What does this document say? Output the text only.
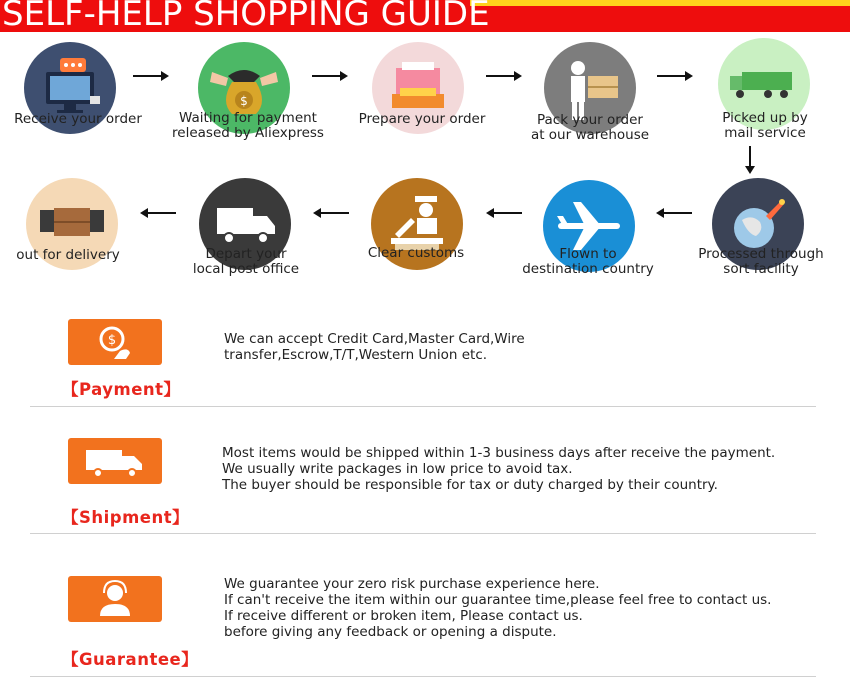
SELF-HELP SHOPPING GUIDE
Receive your order
$
Waiting for payment
released by Aliexpress
Prepare your order	Pack your order
at our warehouse
Picked up by
mail service
Processed through
sort facility
Flown to
destination country
Clear customs
Depart your
local post office
out for delivery
$
【Payment】
We can accept Credit Card,Master Card,Wire
transfer,Escrow,T/T,Western Union etc.
【Shipment】
Most items would be shipped within 1-3 business days after receive the payment.
We usually write packages in low price to avoid tax.
The buyer should be responsible for tax or duty charged by their country.
【Guarantee】
We guarantee your zero risk purchase experience here.
If can't receive the item within our guarantee time,please feel free to contact us.
If receive different or broken item, Please contact us.
before giving any feedback or opening a dispute.
